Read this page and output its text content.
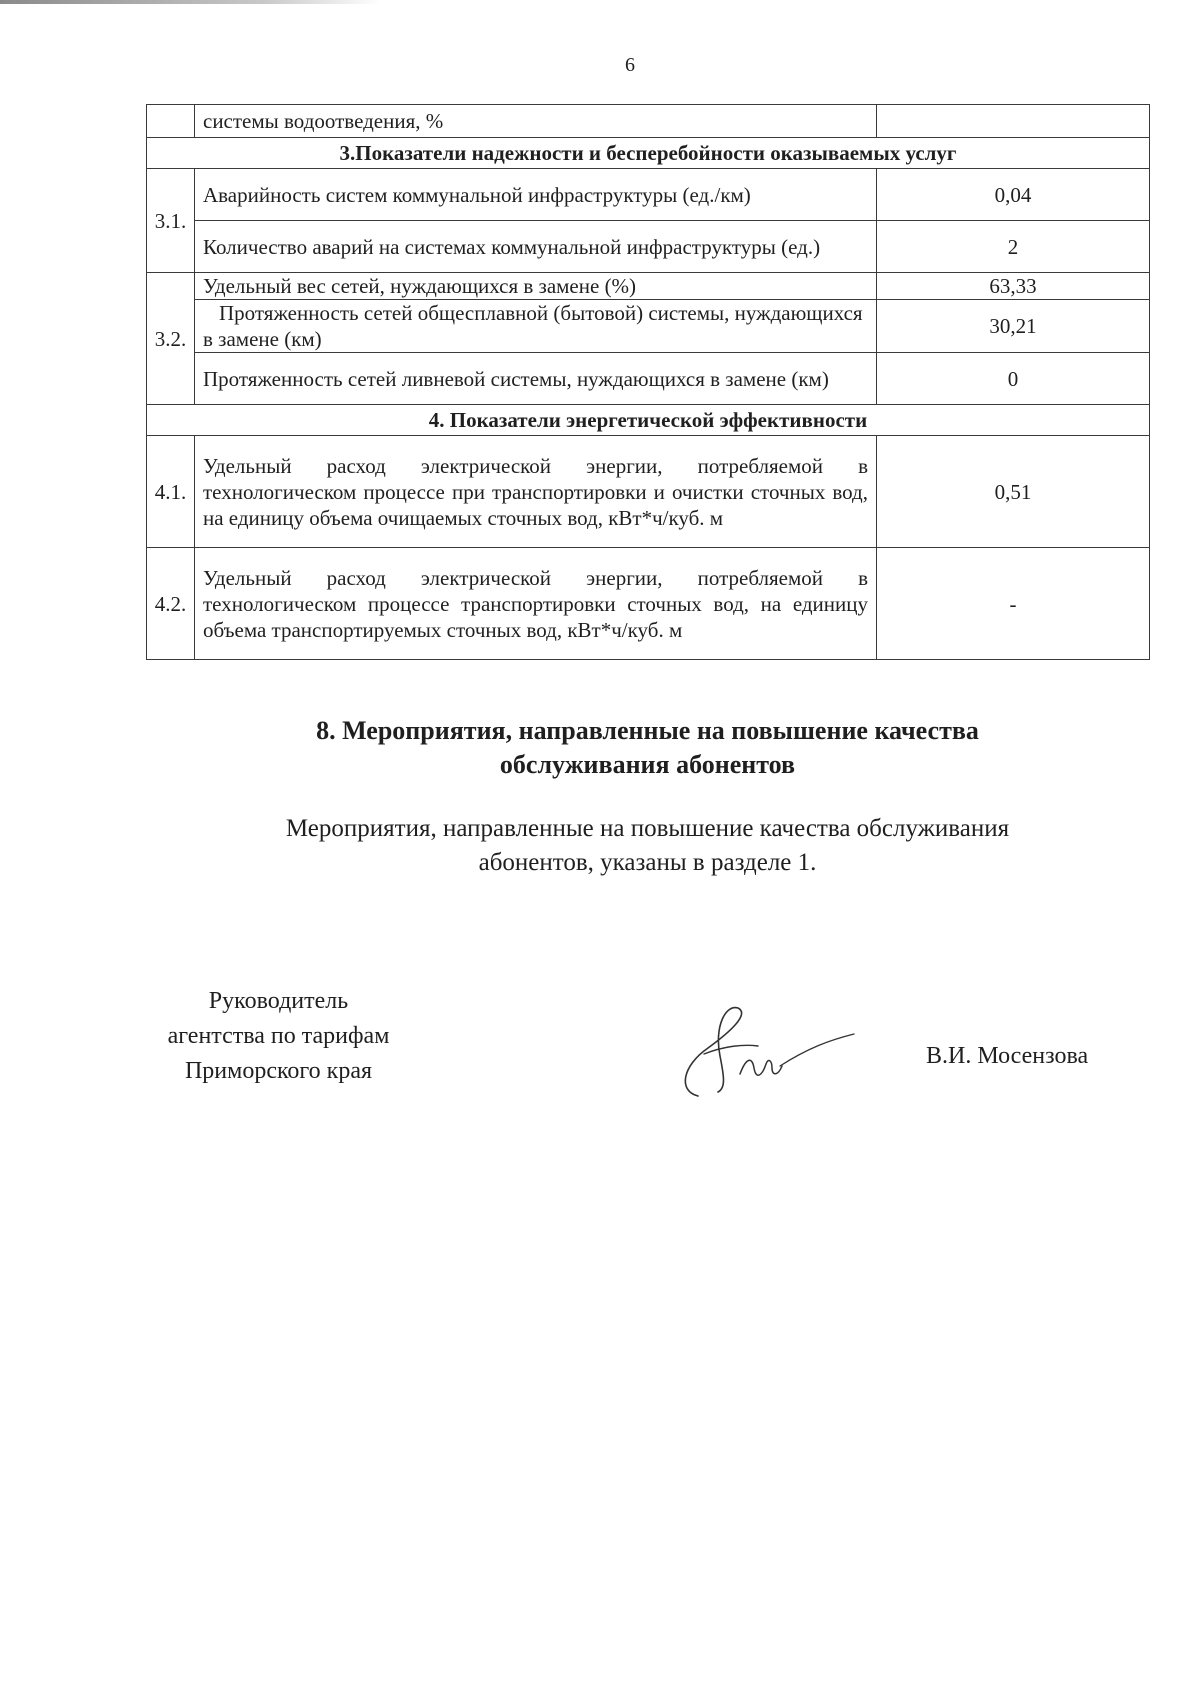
6
	системы водоотведения, %	
3.Показатели надежности и бесперебойности оказываемых услуг		
3.1.	Аварийность систем коммунальной инфраструктуры (ед./км)	0,04
	Количество аварий на системах коммунальной инфраструктуры (ед.)	2
3.2.	Удельный вес сетей, нуждающихся в замене (%)	63,33
	Протяженность сетей общесплавной (бытовой) системы, нуждающихся в замене (км)	30,21
	Протяженность сетей ливневой системы, нуждающихся в замене (км)	0
4. Показатели энергетической эффективности		
4.1.	Удельный расход электрической энергии, потребляемой в технологическом процессе при транспортировки и очистки сточных вод, на единицу объема очищаемых сточных вод, кВт*ч/куб. м	0,51
4.2.	Удельный расход электрической энергии, потребляемой в технологическом процессе транспортировки сточных вод, на единицу объема транспортируемых сточных вод, кВт*ч/куб. м	-
8. Мероприятия, направленные на повышение качества
обслуживания абонентов

Мероприятия, направленные на повышение качества обслуживания
абонентов, указаны в разделе 1.

Руководитель
агентства по тарифам
Приморского края
В.И. Мосензова
